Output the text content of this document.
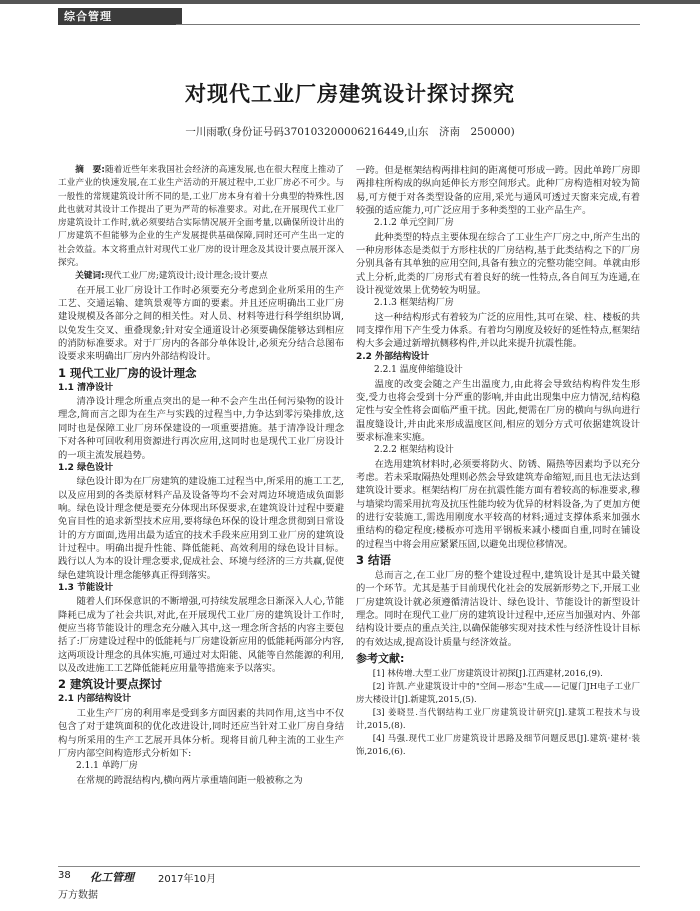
综合管理
对现代工业厂房建筑设计探讨探究
一川雨歌(身份证号码370103200006216449,山东　济南　250000)

摘　要:随着近些年来我国社会经济的高速发展,也在很大程度上推动了工业产业的快速发展,在工业生产活动的开展过程中,工业厂房必不可少。与一般性的常规建筑设计所不同的是,工业厂房本身有着十分典型的特殊性,因此也就对其设计工作提出了更为严苛的标准要求。对此,在开展现代工业厂房建筑设计工作时,就必须要结合实际情况展开全面考量,以确保所设计出的厂房建筑不但能够为企业的生产发展提供基础保障,同时还可产生出一定的社会效益。本文将重点针对现代工业厂房的设计理念及其设计要点展开深入探究。

关键词:现代工业厂房;建筑设计;设计理念;设计要点

在开展工业厂房设计工作时必须要充分考虑到企业所采用的生产工艺、交通运输、建筑景观等方面的要素。并且还应明确出工业厂房建设规模及各部分之间的相关性。对人员、材料等进行科学组织协调,以免发生交叉、重叠现象;针对安全通道设计必须要确保能够达到相应的消防标准要求。对于厂房内的各部分单体设计,必须充分结合总图布设要求来明确出厂房内外部结构设计。

1 现代工业厂房的设计理念
1.1 清净设计

清净设计理念所重点突出的是一种不会产生出任何污染物的设计理念,简而言之即为在生产与实践的过程当中,力争达到零污染排放,这同时也是保障工业厂房环保建设的一项重要措施。基于清净设计理念下对各种可回收利用资源进行再次应用,这同时也是现代工业厂房设计的一项主流发展趋势。

1.2 绿色设计

绿色设计即为在厂房建筑的建设施工过程当中,所采用的施工工艺,以及应用到的各类原材料产品及设备等均不会对周边环境造成负面影响。绿色设计理念便是要充分体现出环保要求,在建筑设计过程中要避免盲目性的追求新型技术应用,要将绿色环保的设计理念贯彻到日常设计的方方面面,选用出最为适宜的技术手段来应用到工业厂房的建筑设计过程中。明确出提升性能、降低能耗、高效利用的绿色设计目标。践行以人为本的设计理念要求,促成社会、环境与经济的三方共赢,促使绿色建筑设计理念能够真正得到落实。

1.3 节能设计

随着人们环保意识的不断增强,可持续发展理念日渐深入人心,节能降耗已成为了社会共识,对此,在开展现代工业厂房的建筑设计工作时,便应当将节能设计的理念充分融入其中,这一理念所含括的内容主要包括了:厂房建设过程中的低能耗与厂房建设新应用的低能耗两部分内容,这两项设计理念的具体实施,可通过对太阳能、风能等自然能源的利用,以及改进施工工艺降低能耗应用量等措施来予以落实。

2 建筑设计要点探讨
2.1 内部结构设计

工业生产厂房的利用率是受到多方面因素的共同作用,这当中不仅包含了对于建筑面积的优化改进设计,同时还应当针对工业厂房自身结构与所采用的生产工艺展开具体分析。现将目前几种主流的工业生产厂房内部空间构造形式分析如下:

2.1.1 单跨厂房

在常规的跨混结构内,横向两片承重墙间距一般被称之为

一跨。但是框架结构两排柱间的距离便可形成一跨。因此单跨厂房即两排柱所构成的纵向延伸长方形空间形式。此种厂房构造相对较为简易,可方便于对各类型设备的应用,采光与通风可透过天窗来完成,有着较强的适应能力,可广泛应用于多种类型的工业产品生产。

2.1.2 单元空间厂房

此种类型的特点主要体现在综合了工业生产厂房之中,所产生出的一种房形体态是类似于方形柱状的厂房结构,基于此类结构之下的厂房分别具备有其单独的应用空间,具备有独立的完整功能空间。单就由形式上分析,此类的厂房形式有着良好的统一性特点,各自间互为连通,在设计视觉效果上优势较为明显。

2.1.3 框架结构厂房

这一种结构形式有着较为广泛的应用性,其可在梁、柱、楼板的共同支撑作用下产生受力体系。有着均匀刚度及较好的延性特点,框架结构大多会通过新增抗侧移构件,并以此来提升抗震性能。

2.2 外部结构设计
2.2.1 温度伸缩缝设计

温度的改变会随之产生出温度力,由此将会导致结构构件发生形变,受力也将会受到十分严重的影响,并由此出现集中应力情况,结构稳定性与安全性将会面临严重干扰。因此,便需在厂房的横向与纵向进行温度缝设计,并由此来形成温度区间,相应的划分方式可依据建筑设计要求标准来实施。

2.2.2 框架结构设计

在选用建筑材料时,必须要将防火、防锈、隔热等因素均予以充分考虑。若未采取隔热处理则必然会导致建筑寿命缩短,而且也无法达到建筑设计要求。框架结构厂房在抗震性能方面有着较高的标准要求,穆与墙梁均需采用抗弯及抗压性能均较为优异的材料设备,为了更加方便的进行安装施工,需选用刚度水平较高的材料;通过支撑体系来加强水重结构的稳定程度;楼板亦可选用平钢板来减小楼面自重,同时在铺设的过程当中将会用应紧紧压固,以避免出现位移情况。

3 结语

总而言之,在工业厂房的整个建设过程中,建筑设计是其中最关键的一个环节。尤其是基于目前现代化社会的发展新形势之下,开展工业厂房建筑设计就必须遵循清洁设计、绿色设计、节能设计的新型设计理念。同时在现代工业厂房的建筑设计过程中,还应当加强对内、外部结构设计要点的重点关注,以确保能够实现对技术性与经济性设计目标的有效达成,提高设计质量与经济效益。

参考文献:

[1] 林传增.大型工业厂房建筑设计初探[J].江西建材,2016,(9).

[2] 许凯.产业建筑设计中的"空间—形态"生成——记厦门JH电子工业厂房大楼设计[J].新建筑,2015,(5).

[3] 姜晓昱.当代钢结构工业厂房建筑设计研究[J].建筑工程技术与设计,2015,(8).

[4] 马强.现代工业厂房建筑设计思路及细节问题反思[J].建筑·建材·装饰,2016,(6).

38 化工管理 2017年10月
万方数据
